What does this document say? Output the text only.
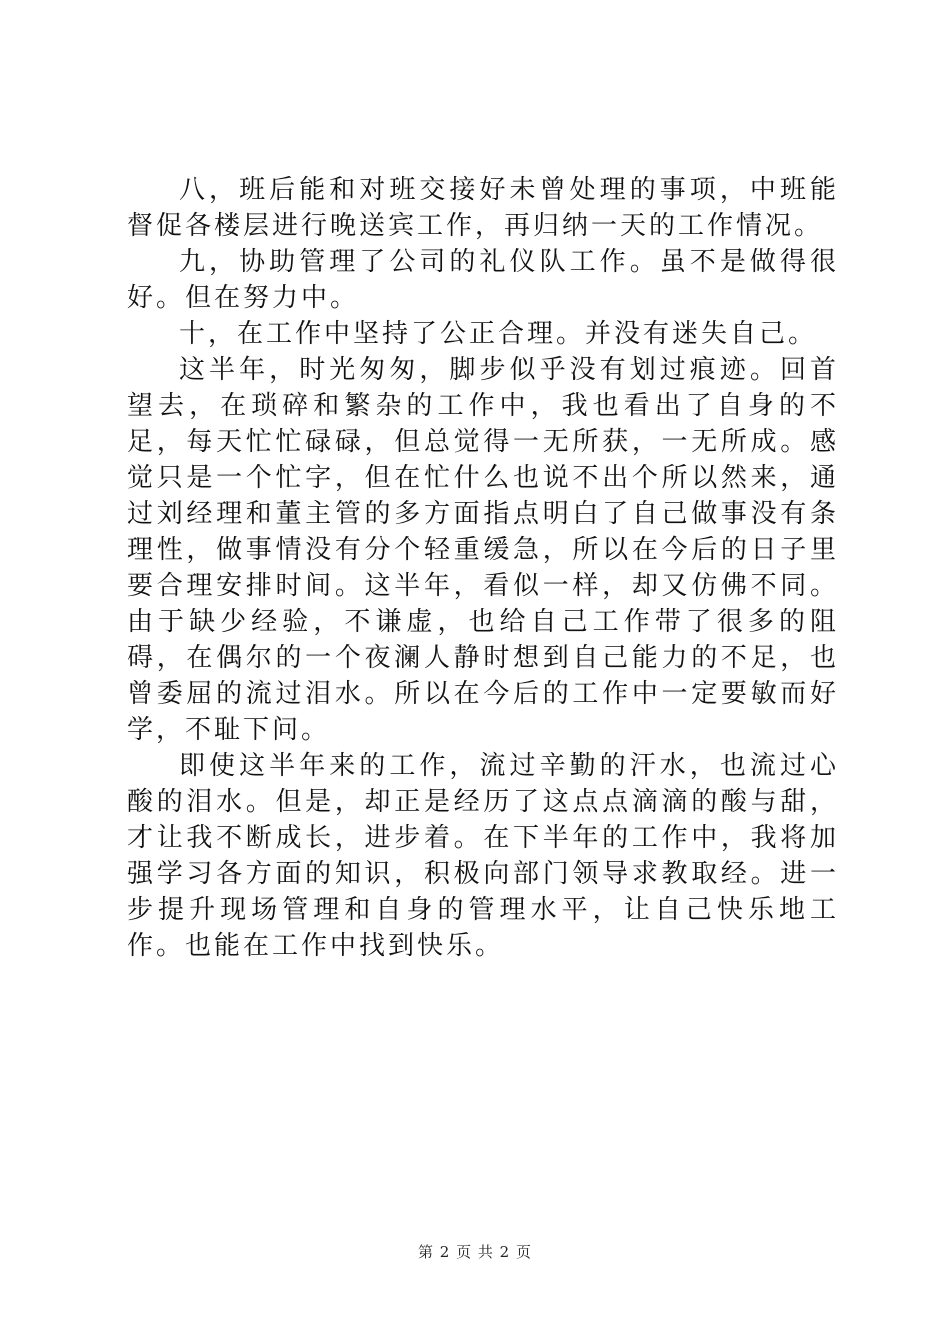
八，班后能和对班交接好未曾处理的事项，中班能督促各楼层进行晚送宾工作，再归纳一天的工作情况。

九，协助管理了公司的礼仪队工作。虽不是做得很好。但在努力中。

十，在工作中坚持了公正合理。并没有迷失自己。

这半年，时光匆匆，脚步似乎没有划过痕迹。回首望去，在琐碎和繁杂的工作中，我也看出了自身的不足，每天忙忙碌碌，但总觉得一无所获，一无所成。感觉只是一个忙字，但在忙什么也说不出个所以然来，通过刘经理和董主管的多方面指点明白了自己做事没有条理性，做事情没有分个轻重缓急，所以在今后的日子里要合理安排时间。这半年，看似一样，却又仿佛不同。由于缺少经验，不谦虚，也给自己工作带了很多的阻碍，在偶尔的一个夜澜人静时想到自己能力的不足，也曾委屈的流过泪水。所以在今后的工作中一定要敏而好学，不耻下问。

即使这半年来的工作，流过辛勤的汗水，也流过心酸的泪水。但是，却正是经历了这点点滴滴的酸与甜，才让我不断成长，进步着。在下半年的工作中，我将加强学习各方面的知识，积极向部门领导求教取经。进一步提升现场管理和自身的管理水平，让自己快乐地工作。也能在工作中找到快乐。

第 2 页 共 2 页
